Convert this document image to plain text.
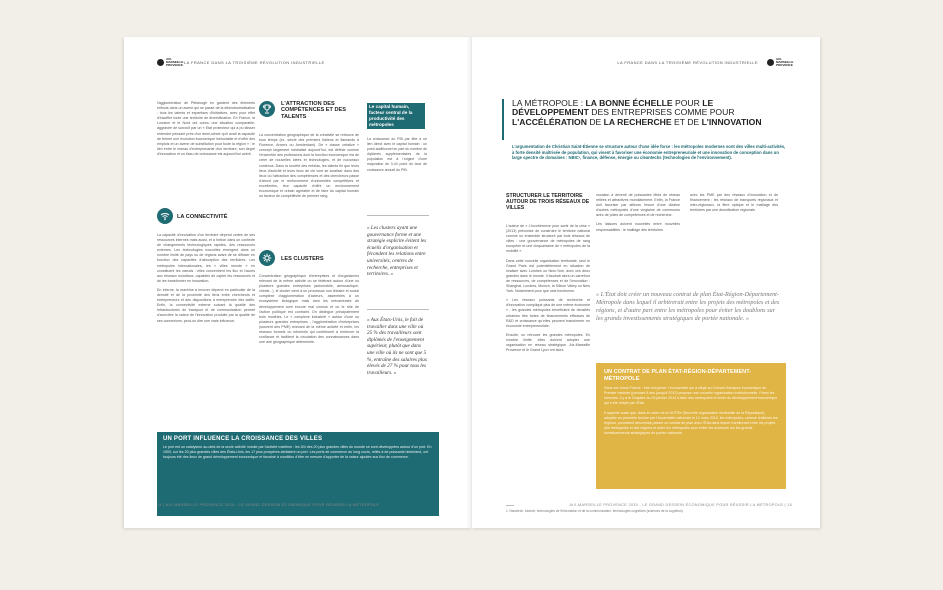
AIX-MARSEILLE PROVENCE LA FRANCE DANS LA TROISIÈME RÉVOLUTION INDUSTRIELLE

l'agglomération de Pittsburgh en gardent des éléments enfouis dans un avenir qui se passe de la désindustrialisation : tous les talents et expertises d'initiatives, avec pour effet d'insuffler toute une territoire de diversification. En France, la Lorraine et le Nord ont connu une situation comparable, aggravée de surcroît par un « Etat protecteur qui a pu laisser entendre pendant près d'un demi-siècle qu'il avait la capacité de freiner une évolution économique inéluctable et d'offrir des emplois et un avenir de substitution pour toute la région » : le lien entre le réseau d'entreprenariat d'un territoire, son degré d'innovation et un tissu de croissance est aujourd'hui avéré.

LA CONNECTIVITÉ

La capacité d'innovation d'un territoire dépend certes de ses ressources internes mais aussi, et à fortiori dans un contexte de changements technologiques rapides, des ressources externes. Les technologies nouvelles émergent dans un nombre limité de pays ou de régions avant de se diffuser en fonction des capacités d'absorption des territoires. Les métropoles internationales, les « villes monde » en constituent les nœuds : elles concentrent les flux et l'accès aux réseaux mondiaux, capables de capter les ressources et de les transformer en innovation.

En interne, la machine à innover dépend en particulier de la densité et de la proximité des liens entre chercheurs et entrepreneurs et des dispositions à entreprendre des actifs. Enfin, la connectivité externe suivant la qualité des infrastructures de transport et de communication permet d'accroître la valeur de l'innovation produite par la qualité de ses connexions, peut-on dire une vraie influence.

L'ATTRACTION DES COMPÉTENCES ET DES TALENTS

La concentration géographique de la créativité se retrouve de tous temps (ex. siècle des premiers Italiens et flamands à Florence, Anvers ou Amsterdam). De « classe créative » concept largement médiatisé aujourd'hui, est définie comme l'ensemble des professions dont la fonction économique est de créer de nouvelles idées et technologies, et de nouveaux contenus. Dans la société des médias, les talents fin que leurs lieux d'activité et leurs lieux de vie vont se localiser dans des lieux où l'attraction des compétences et des chercheurs passe d'abord par le renforcement d'universités compétitives et excellentes, leur capacité d'offrir un environnement économique et urbain agréable et de faire du capital humain un facteur de compétitivité de premier rang.

LES CLUSTERS

Concentration géographique d'entreprises et d'organismes relevant de la même activité ou se fédérant autour d'une ou plusieurs grandes entreprises (automobile, aéronautique, chimie...), le cluster vient à un processus non linéaire et social complexe d'agglomération d'acteurs, assemblés à un écosystème biologique mais dont les mécanismes de développement sont encore mal connus et où le rôle de l'action politique est contraint. On distingue principalement trois modèles. Le « complexe industriel » autour d'une ou plusieurs grandes entreprises ; l'agglomération d'entreprises (souvent des PME) relevant de la même activité et enfin, les réseaux formels ou informels qui contribuent à renforcer la confiance et facilitent la circulation des connaissances dans une aire géographique déterminée.

Le capital humain, facteur central de la productivité des métropoles
La croissance du PIB par tête a un lien direct avec le capital humain : un point additionnel en part du nombre de diplômés supplémentaires de la population est à l'origine d'une majoration de 0,44 point du taux de croissance annuel du PIB.
« Les clusters ayant une gouvernance forme et une stratégie explicite évitent les écueils d'organisation et fécondent les relations entre universités, centres de recherche, entreprises et territoires. »
« Aux États-Unis, le fait de travailler dans une ville où 25 % des travailleurs sont diplômés de l'enseignement supérieur, plutôt que dans une ville où ils ne sont que 5 %, entraîne des salaires plus élevés de 27 % pour tous les travailleurs. »
UN PORT INFLUENCE LA CROISSANCE DES VILLES
Le port est un catalyseur au-delà de la seule activité induite par l'activité maritime : les 5/4 des 20 plus grandes villes du monde se sont développées autour d'un port. En 1900, sur les 20 plus grandes villes des États-Unis, les 17 plus prospères abritaient un port. Les ports de commerce au long cours, reliés à de puissants hinterland, ont toujours été des lieux de grand développement économique et favorisé à condition d'être en mesure d'apporter de la valeur ajoutée aux flux de commerce.
14 | AIX-MARSEILLE PROVENCE 2030 - LE GRAND DESSEIN ÉCONOMIQUE POUR RÉUSSIR LA MÉTROPOLE
LA FRANCE DANS LA TROISIÈME RÉVOLUTION INDUSTRIELLE
AIX-MARSEILLE PROVENCE
LA MÉTROPOLE : LA BONNE ÉCHELLE POUR LE DÉVELOPPEMENT DES ENTREPRISES COMME POUR L'ACCÉLÉRATION DE LA RECHERCHE ET DE L'INNOVATION
L'argumentation de Christian Saint-Étienne se structure autour d'une idée force : les métropoles modernes sont des villes multi-activités, à forte densité maîtrisée de population, qui visent à favoriser une économie entrepreneuriale et une innovation de conception dans un large spectre de domaines : NBIC¹, finance, défense, énergie ou cleantechs (technologies de l'environnement).
STRUCTURER LE TERRITOIRE AUTOUR DE TROIS RÉSEAUX DE VILLES

L'auteur de « L'incohérence pour sortir de la crise » (2013) préconise de construire le territoire national comme un ensemble structuré par trois réseaux de villes : une gouvernance de métropoles de rang européen et une cinquantaine de « métropoles de la mobilité ».

Dans cette nouvelle organisation territoriale, seul le Grand Paris est potentiellement en situation de rivaliser avec Londres ou New-York, avec ces deux grandes dans le monde. Il faudrait alors un carrefour de ressources, de compétences et de l'innovation : Shanghai, Londres, Munich, la Silicon Valley ou New York. Notamment pour que cela fonctionne.

« Les réseaux puissants de recherche et d'innovation compliqué plus de une même économie » : les grandes métropoles bénéficient de densités urbaines très fortes de financements efficaces de R&D et croissance qu'elles peuvent transformer en économie entrepreneuriale.

Ensuite, on retrouve les grandes métropoles. En nombre limité, elles doivent adopter une organisation en réseau stratégique. Aix-Marseille Provence et le Grand Lyon ont alors

vocation à devenir de puissantes têtes de réseau reliées et attractives mondialement. Enfin, la France doit favoriser par ailleurs l'essor d'une dizaine d'autres métropoles d'une vingtaine de communes avec de pôles de compétences et de recherche.

Les liaisons doivent nouvelles entre nouvelles responsabilités : le maillage des territoires

avec les PME par des réseaux d'innovation et de financement ; les réseaux de transports régionaux et inter-régionaux, la fibre optique et le maillage des territoires par une densification régionale.

« L'État doit créer un nouveau contrat de plan État-Région-Département-Métropole dans lequel il arbitrerait entre les projets des métropoles et des régions, et d'autre part entre les métropoles pour éviter les doublons sur les grands investissements stratégiques de portée nationale. »
UN CONTRAT DE PLAN ÉTAT-RÉGION-DÉPARTEMENT-MÉTROPOLE

Dans son essai France : état d'urgence, l'économiste qui a siégé au Conseil d'analyse économique du Premier ministre (pendant 8 ans jusqu'à 2012) propose une nouvelle organisation institutionnelle. Parmi les mesures, il y a le Chapitre au 25 janvier 2014 à faire des métropoles le levier du développement économique qui a été relayé par l'État.

Il rappelle aussi que, dans le cadre de la NOTRe (Nouvelle organisation territoriale de la République), adoptée en première lecture par l'Assemblée nationale le 10 mars 2015, les métropoles, comme d'ailleurs les régions, pourraient désormais passer un contrat de plan avec l'État dans lequel il arbitrerait entre les projets des métropoles et des régions et entre les métropoles pour éviter les doublons sur les grands investissements stratégiques de portée nationale.

1. Nanotech, biotech, technologies de l'information et de la communication, technologies cognitives (sciences de la cognition).
AIX-MARSEILLE PROVENCE 2030 - LE GRAND DESSEIN ÉCONOMIQUE POUR RÉUSSIR LA MÉTROPOLE | 15
